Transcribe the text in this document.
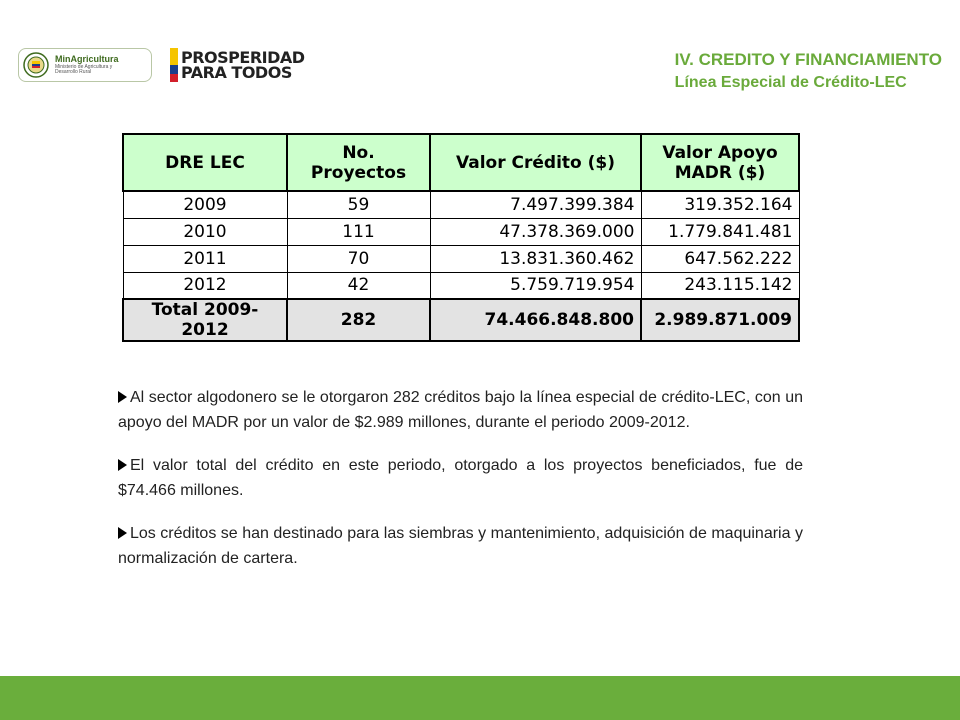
MinAgricultura
Ministerio de Agricultura y Desarrollo Rural
PROSPERIDAD
PARA TODOS
IV. CREDITO Y FINANCIAMIENTO
Línea Especial de Crédito-LEC
DRE LEC	No. Proyectos	Valor Crédito ($)	Valor Apoyo
MADR ($)

2009	59	7.497.399.384	319.352.164
2010	111	47.378.369.000	1.779.841.481
2011	70	13.831.360.462	647.562.222
2012	42	5.759.719.954	243.115.142
Total 2009-2012	282	74.466.848.800	2.989.871.009

Al sector algodonero se le otorgaron 282 créditos bajo la línea especial de crédito-LEC, con un apoyo del MADR por un valor de $2.989 millones, durante el periodo 2009-2012.

El valor total del crédito en este periodo, otorgado a los proyectos beneficiados, fue de $74.466 millones.

Los créditos se han destinado para las siembras y mantenimiento, adquisición de maquinaria y normalización de cartera.
